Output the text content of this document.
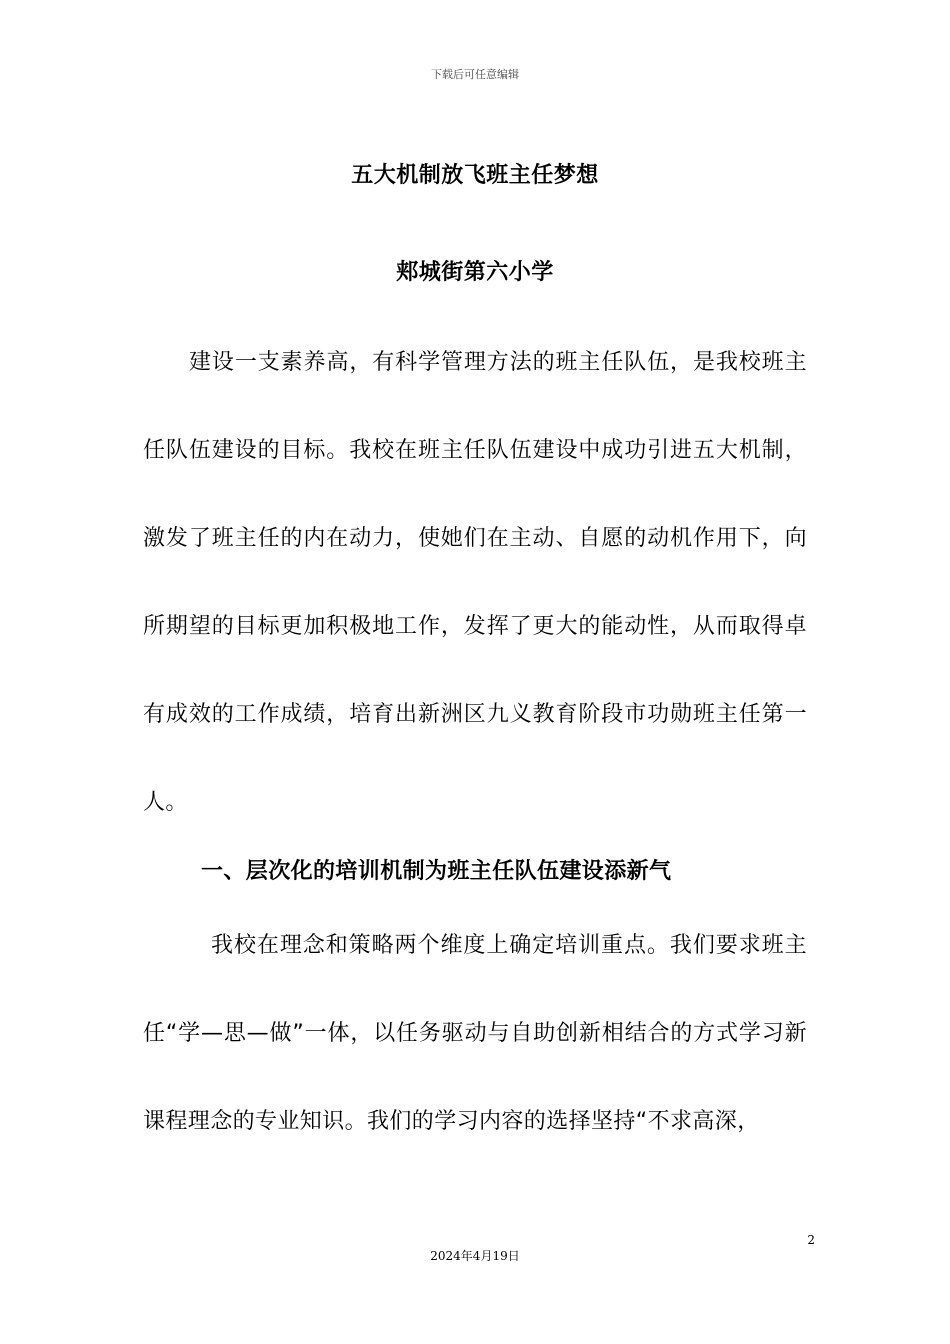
下载后可任意编辑
五大机制放飞班主任梦想
郏城街第六小学
建设一支素养高，有科学管理方法的班主任队伍，是我校班主任队伍建设的目标。我校在班主任队伍建设中成功引进五大机制，激发了班主任的内在动力，使她们在主动、自愿的动机作用下，向所期望的目标更加积极地工作，发挥了更大的能动性，从而取得卓有成效的工作成绩，培育出新洲区九义教育阶段市功勋班主任第一人。
一、层次化的培训机制为班主任队伍建设添新气
我校在理念和策略两个维度上确定培训重点。我们要求班主任“学—思—做”一体，以任务驱动与自助创新相结合的方式学习新课程理念的专业知识。我们的学习内容的选择坚持“不求高深，
2
2024年4月19日
